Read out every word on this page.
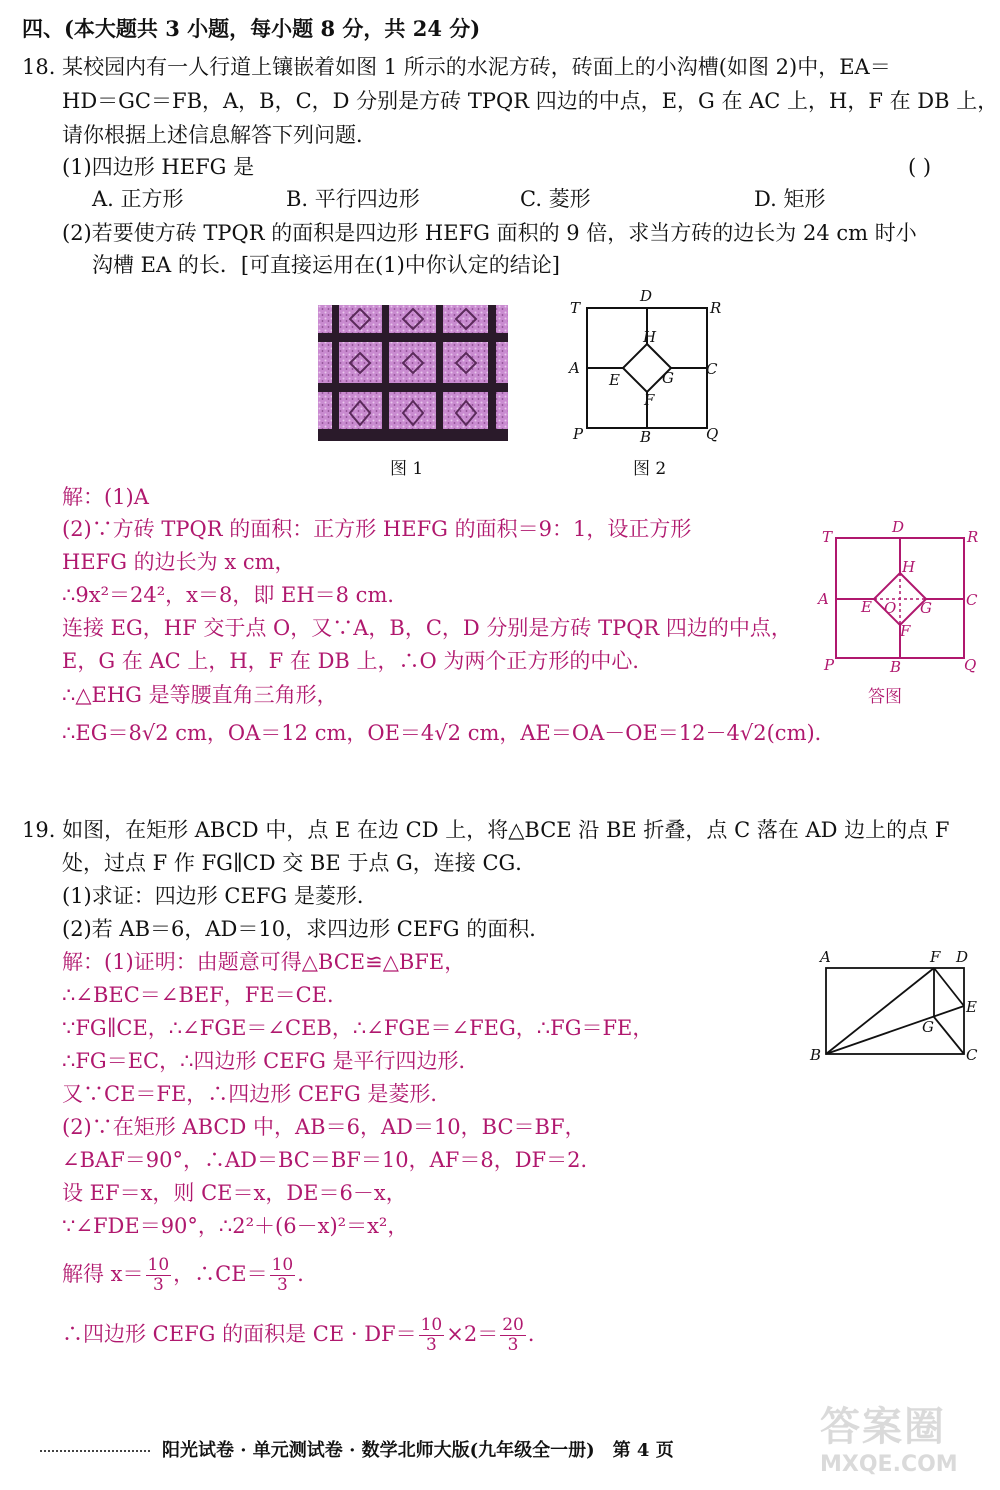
四、(本大题共 3 小题，每小题 8 分，共 24 分)
18. 某校园内有一人行道上镶嵌着如图 1 所示的水泥方砖，砖面上的小沟槽(如图 2)中，EA＝
HD＝GC＝FB，A，B，C，D 分别是方砖 TPQR 四边的中点，E，G 在 AC 上，H，F 在 DB 上，
请你根据上述信息解答下列问题．
(1)四边形 HEFG 是	( )
A. 正方形	B. 平行四边形	C. 菱形	D. 矩形
(2)若要使方砖 TPQR 的面积是四边形 HEFG 面积的 9 倍，求当方砖的边长为 24 cm 时小
沟槽 EA 的长．[可直接运用在(1)中你认定的结论]
图 1
T
D
R
H
A
E	G C
F
P	B	Q
图 2
解：(1)A
(2)∵方砖 TPQR 的面积：正方形 HEFG 的面积＝9：1，设正方形
HEFG 的边长为 x cm，
∴9x²＝24²，x＝8，即 EH＝8 cm．
连接 EG，HF 交于点 O，又∵A，B，C，D 分别是方砖 TPQR 四边的中点，
E，G 在 AC 上，H，F 在 DB 上，∴O 为两个正方形的中心．
∴△EHG 是等腰直角三角形，
∴EG＝8√2 cm，OA＝12 cm，OE＝4√2 cm，AE＝OA－OE＝12－4√2(cm)．
T
D
R
H
A E O G C
F
P	B	Q
答图
19. 如图，在矩形 ABCD 中，点 E 在边 CD 上，将△BCE 沿 BE 折叠，点 C 落在 AD 边上的点 F
处，过点 F 作 FG∥CD 交 BE 于点 G，连接 CG．
(1)求证：四边形 CEFG 是菱形．
(2)若 AB＝6，AD＝10，求四边形 CEFG 的面积．
A	F D
E
G
B	C
解：(1)证明：由题意可得△BCE≌△BFE，
∴∠BEC＝∠BEF，FE＝CE．
∵FG∥CE，∴∠FGE＝∠CEB，∴∠FGE＝∠FEG，∴FG＝FE，
∴FG＝EC，∴四边形 CEFG 是平行四边形．
又∵CE＝FE，∴四边形 CEFG 是菱形．
(2)∵在矩形 ABCD 中，AB＝6，AD＝10，BC＝BF，
∠BAF＝90°，∴AD＝BC＝BF＝10，AF＝8，DF＝2．
设 EF＝x，则 CE＝x，DE＝6－x，
∵∠FDE＝90°，∴2²＋(6－x)²＝x²，
解得 $x= \frac{10}{3}$ ，∴CE＝ $\frac{10}{3}$ ．
∴四边形 CEFG 的面积是 CE · $DF= \frac{10}{3} \times 2= \frac{20}{3}$ ．
阳光试卷 · 单元测试卷 · 数学北师大版(九年级全一册)　第 4 页
答案圈
MXQE.COM
